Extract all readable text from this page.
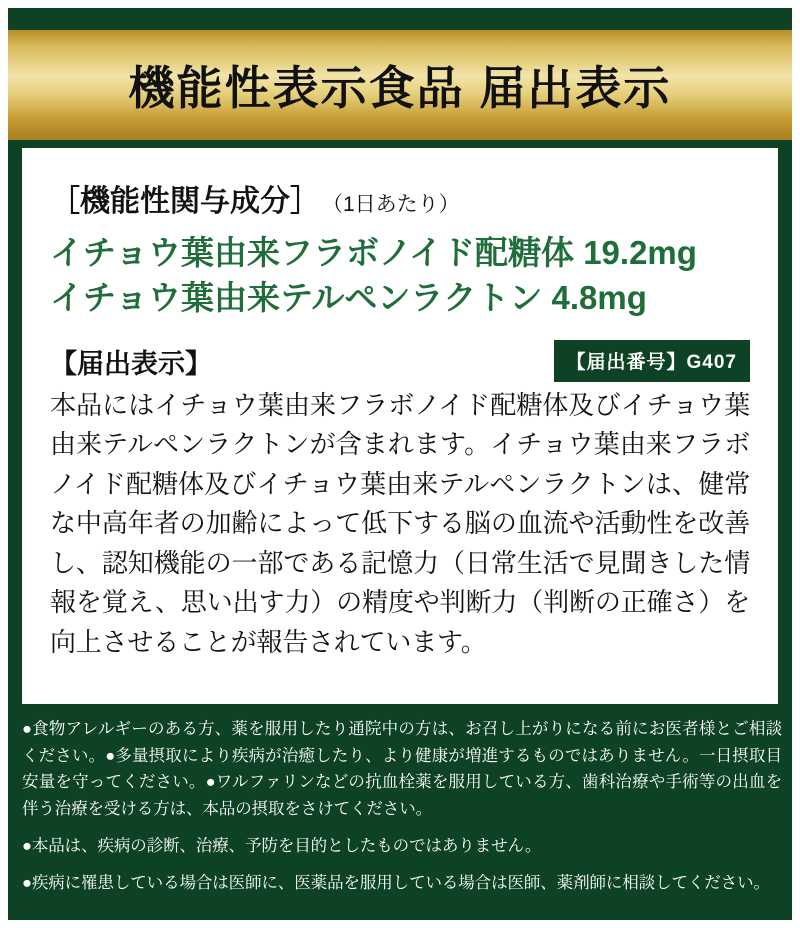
機能性表示食品 届出表示
［機能性関与成分］ （1日あたり）
イチョウ葉由来フラボノイド配糖体 19.2mg
イチョウ葉由来テルペンラクトン 4.8mg
【届出表示】	【届出番号】G407
本品にはイチョウ葉由来フラボノイド配糖体及びイチョウ葉由来テルペンラクトンが含まれます。イチョウ葉由来フラボノイド配糖体及びイチョウ葉由来テルペンラクトンは、健常な中高年者の加齢によって低下する脳の血流や活動性を改善し、認知機能の一部である記憶力（日常生活で見聞きした情報を覚え、思い出す力）の精度や判断力（判断の正確さ）を向上させることが報告されています。

●食物アレルギーのある方、薬を服用したり通院中の方は、お召し上がりになる前にお医者様とご相談ください。●多量摂取により疾病が治癒したり、より健康が増進するものではありません。一日摂取目安量を守ってください。●ワルファリンなどの抗血栓薬を服用している方、歯科治療や手術等の出血を伴う治療を受ける方は、本品の摂取をさけてください。

●本品は、疾病の診断、治療、予防を目的としたものではありません。

●疾病に罹患している場合は医師に、医薬品を服用している場合は医師、薬剤師に相談してください。
